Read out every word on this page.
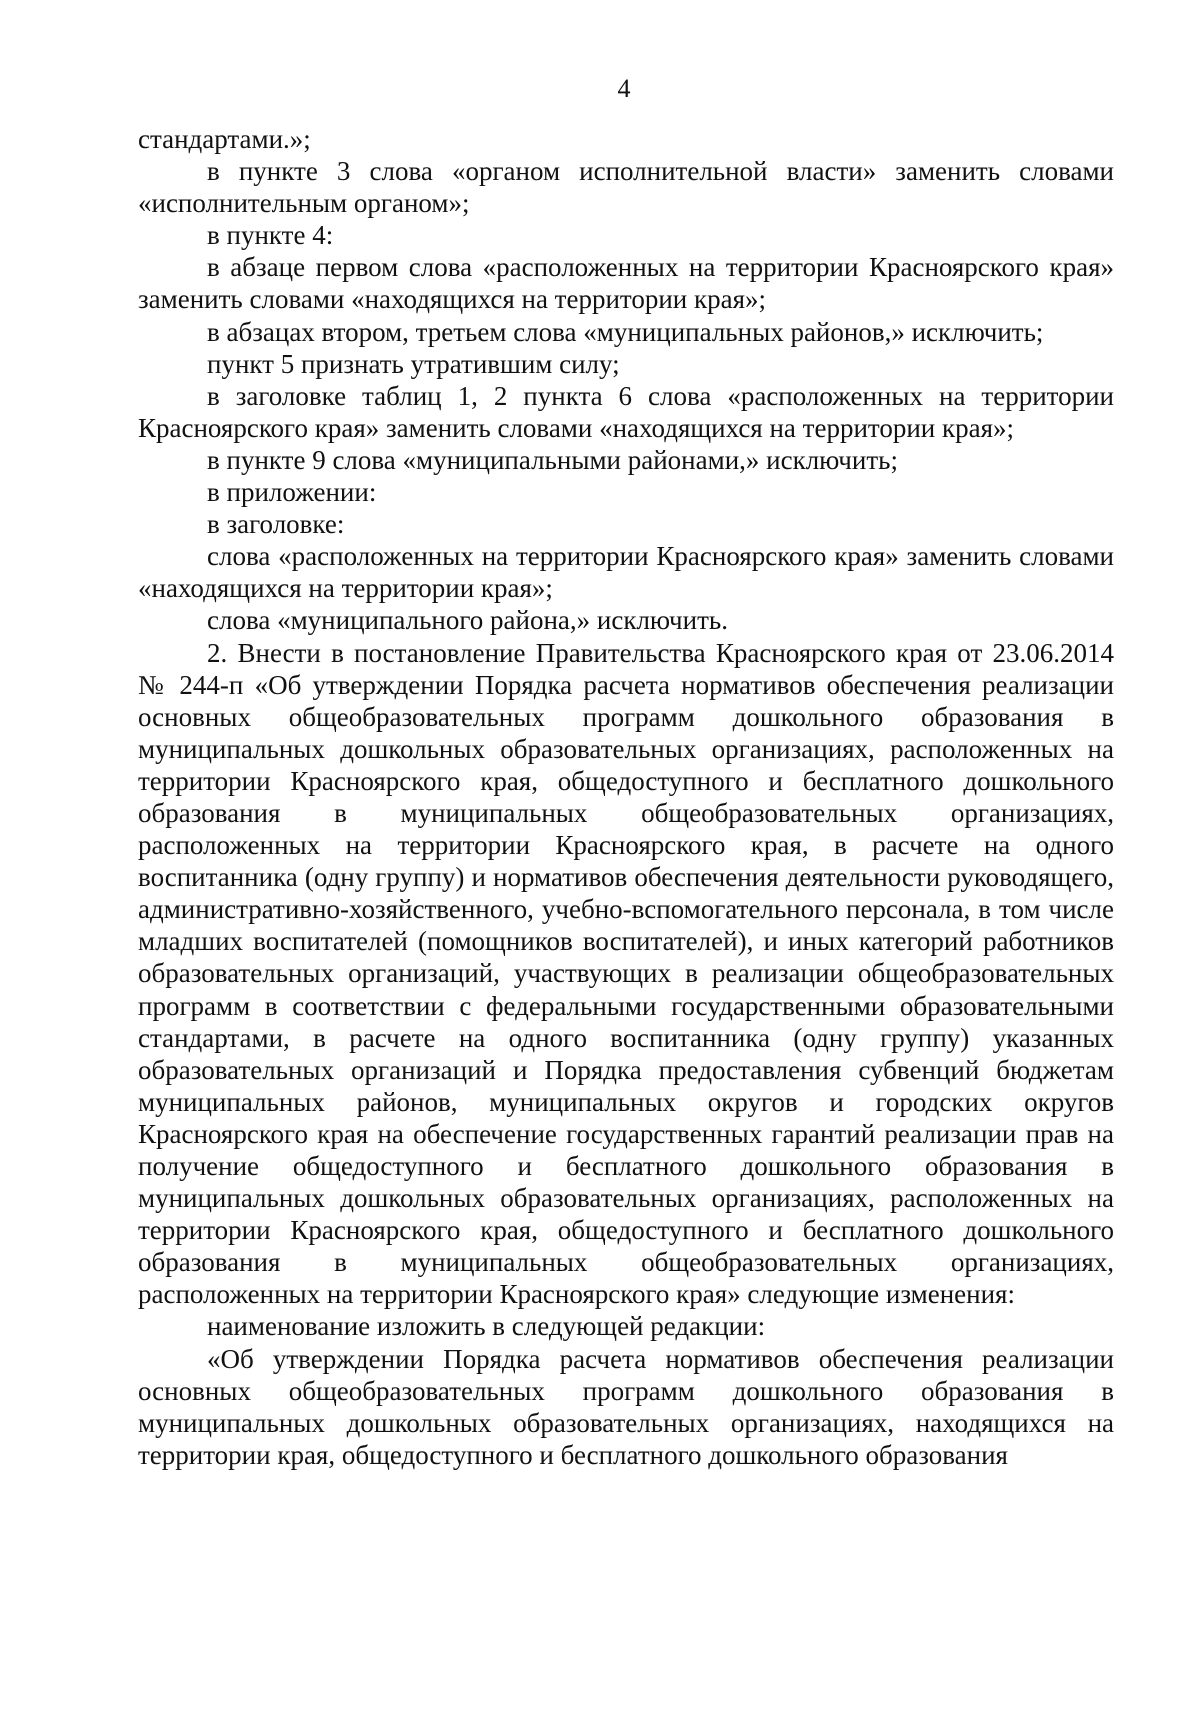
4

стандартами.»;

в пункте 3 слова «органом исполнительной власти» заменить словами «исполнительным органом»;

в пункте 4:

в абзаце первом слова «расположенных на территории Красноярского края» заменить словами «находящихся на территории края»;

в абзацах втором, третьем слова «муниципальных районов,» исключить;

пункт 5 признать утратившим силу;

в заголовке таблиц 1, 2 пункта 6 слова «расположенных на территории Красноярского края» заменить словами «находящихся на территории края»;

в пункте 9 слова «муниципальными районами,» исключить;

в приложении:

в заголовке:

слова «расположенных на территории Красноярского края» заменить словами «находящихся на территории края»;

слова «муниципального района,» исключить.

2. Внести в постановление Правительства Красноярского края от 23.06.2014 № 244-п «Об утверждении Порядка расчета нормативов обеспечения реализации основных общеобразовательных программ дошкольного образования в муниципальных дошкольных образовательных организациях, расположенных на территории Красноярского края, общедоступного и бесплатного дошкольного образования в муниципальных общеобразовательных организациях, расположенных на территории Красноярского края, в расчете на одного воспитанника (одну группу) и нормативов обеспечения деятельности руководящего, административно-хозяйственного, учебно-вспомогательного персонала, в том числе младших воспитателей (помощников воспитателей), и иных категорий работников образовательных организаций, участвующих в реализации общеобразовательных программ в соответствии с федеральными государственными образовательными стандартами, в расчете на одного воспитанника (одну группу) указанных образовательных организаций и Порядка предоставления субвенций бюджетам муниципальных районов, муниципальных округов и городских округов Красноярского края на обеспечение государственных гарантий реализации прав на получение общедоступного и бесплатного дошкольного образования в муниципальных дошкольных образовательных организациях, расположенных на территории Красноярского края, общедоступного и бесплатного дошкольного образования в муниципальных общеобразовательных организациях, расположенных на территории Красноярского края» следующие изменения:

наименование изложить в следующей редакции:

«Об утверждении Порядка расчета нормативов обеспечения реализации основных общеобразовательных программ дошкольного образования в муниципальных дошкольных образовательных организациях, находящихся на территории края, общедоступного и бесплатного дошкольного образования
